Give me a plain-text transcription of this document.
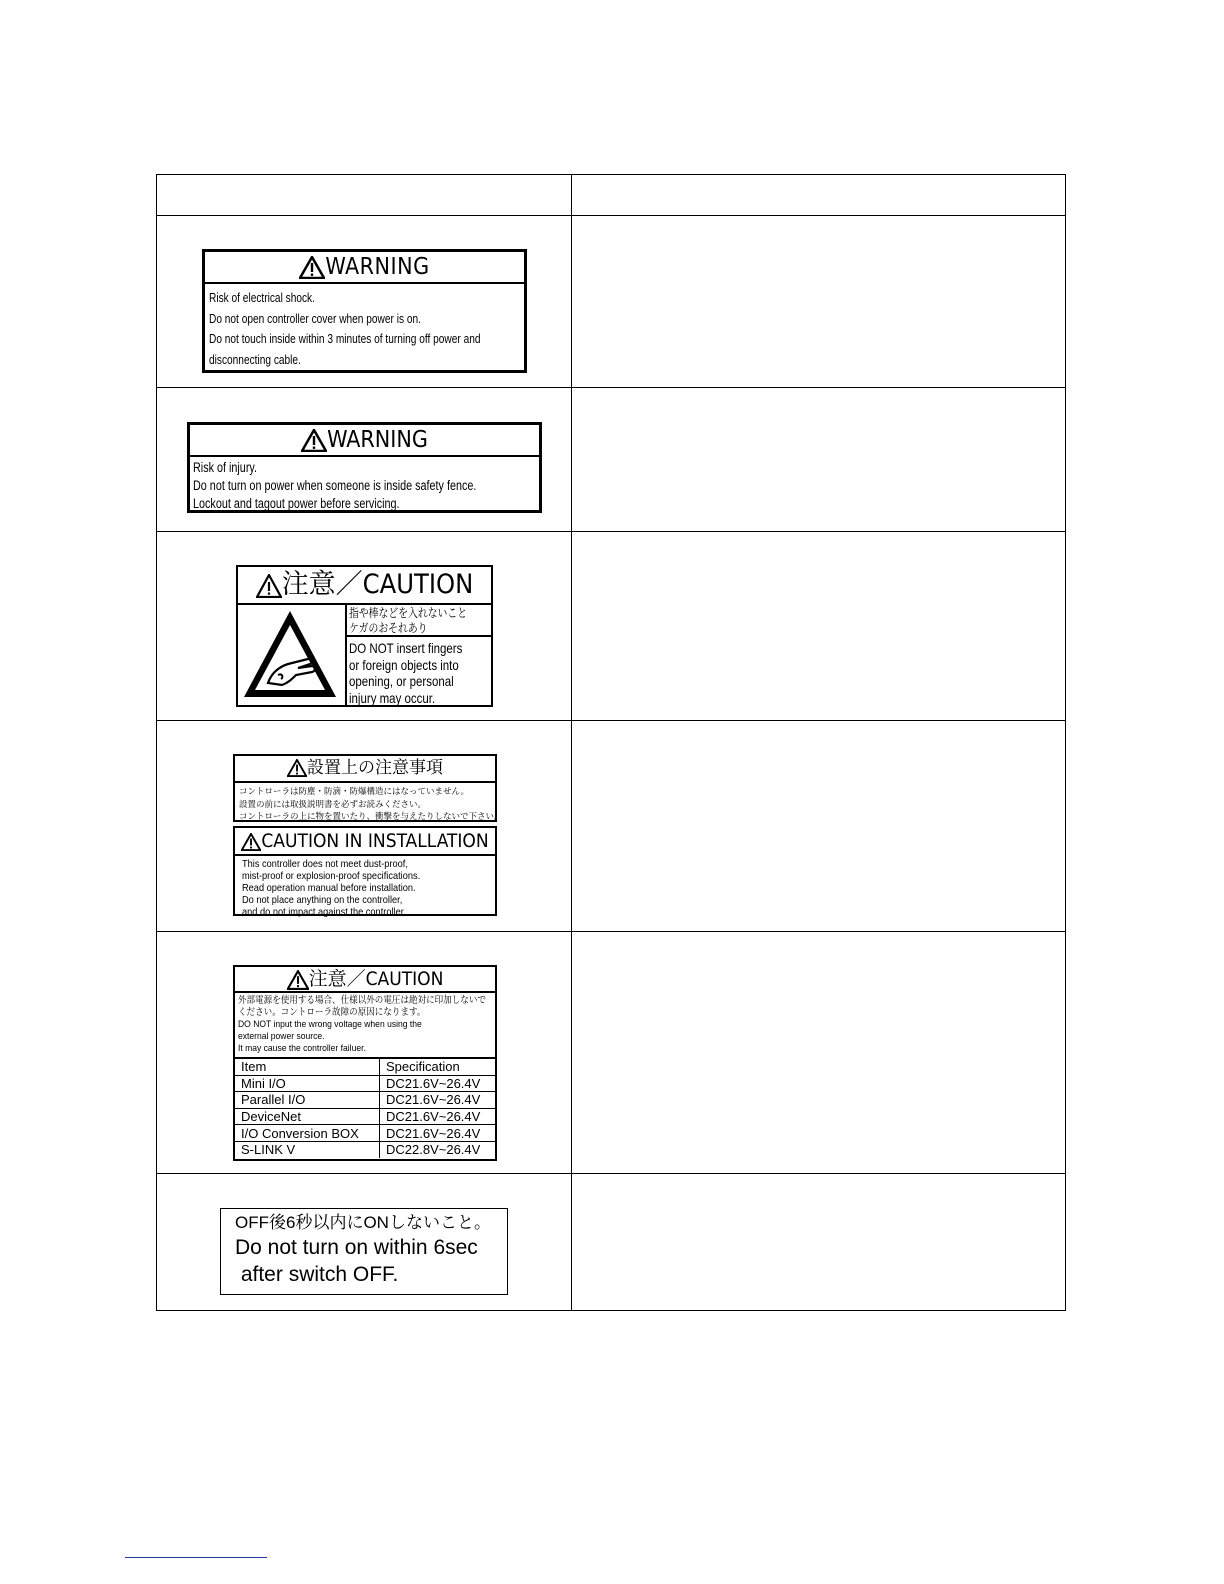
WARNING
Risk of electrical shock.
Do not open controller cover when power is on.
Do not touch inside within 3 minutes of turning off power and
disconnecting cable.
WARNING
Risk of injury.
Do not turn on power when someone is inside safety fence.
Lockout and tagout power before servicing.
注意／CAUTION
指や棒などを入れないこと
ケガのおそれあり
DO NOT insert fingers
or foreign objects into
opening, or personal
injury may occur.
設置上の注意事項
コントローラは防塵・防滴・防爆構造にはなっていません。
設置の前には取扱説明書を必ずお読みください。
コントローラの上に物を置いたり、衝撃を与えたりしないで下さい。
CAUTION IN INSTALLATION
This controller does not meet dust-proof,
mist-proof or explosion-proof specifications.
Read operation manual before installation.
Do not place anything on the controller,
and do not impact against the controller.
注意／CAUTION
外部電源を使用する場合、仕様以外の電圧は絶対に印加しないで
ください。コントローラ故障の原因になります。
DO NOT input the wrong voltage when using the
external power source.
It may cause the controller failuer.
Item	Specification
Mini I/O	DC21.6V~26.4V
Parallel I/O	DC21.6V~26.4V
DeviceNet	DC21.6V~26.4V
I/O Conversion BOX	DC21.6V~26.4V
S-LINK V	DC22.8V~26.4V
OFF後6秒以内にONしないこと。
Do not turn on within 6sec
after switch OFF.
